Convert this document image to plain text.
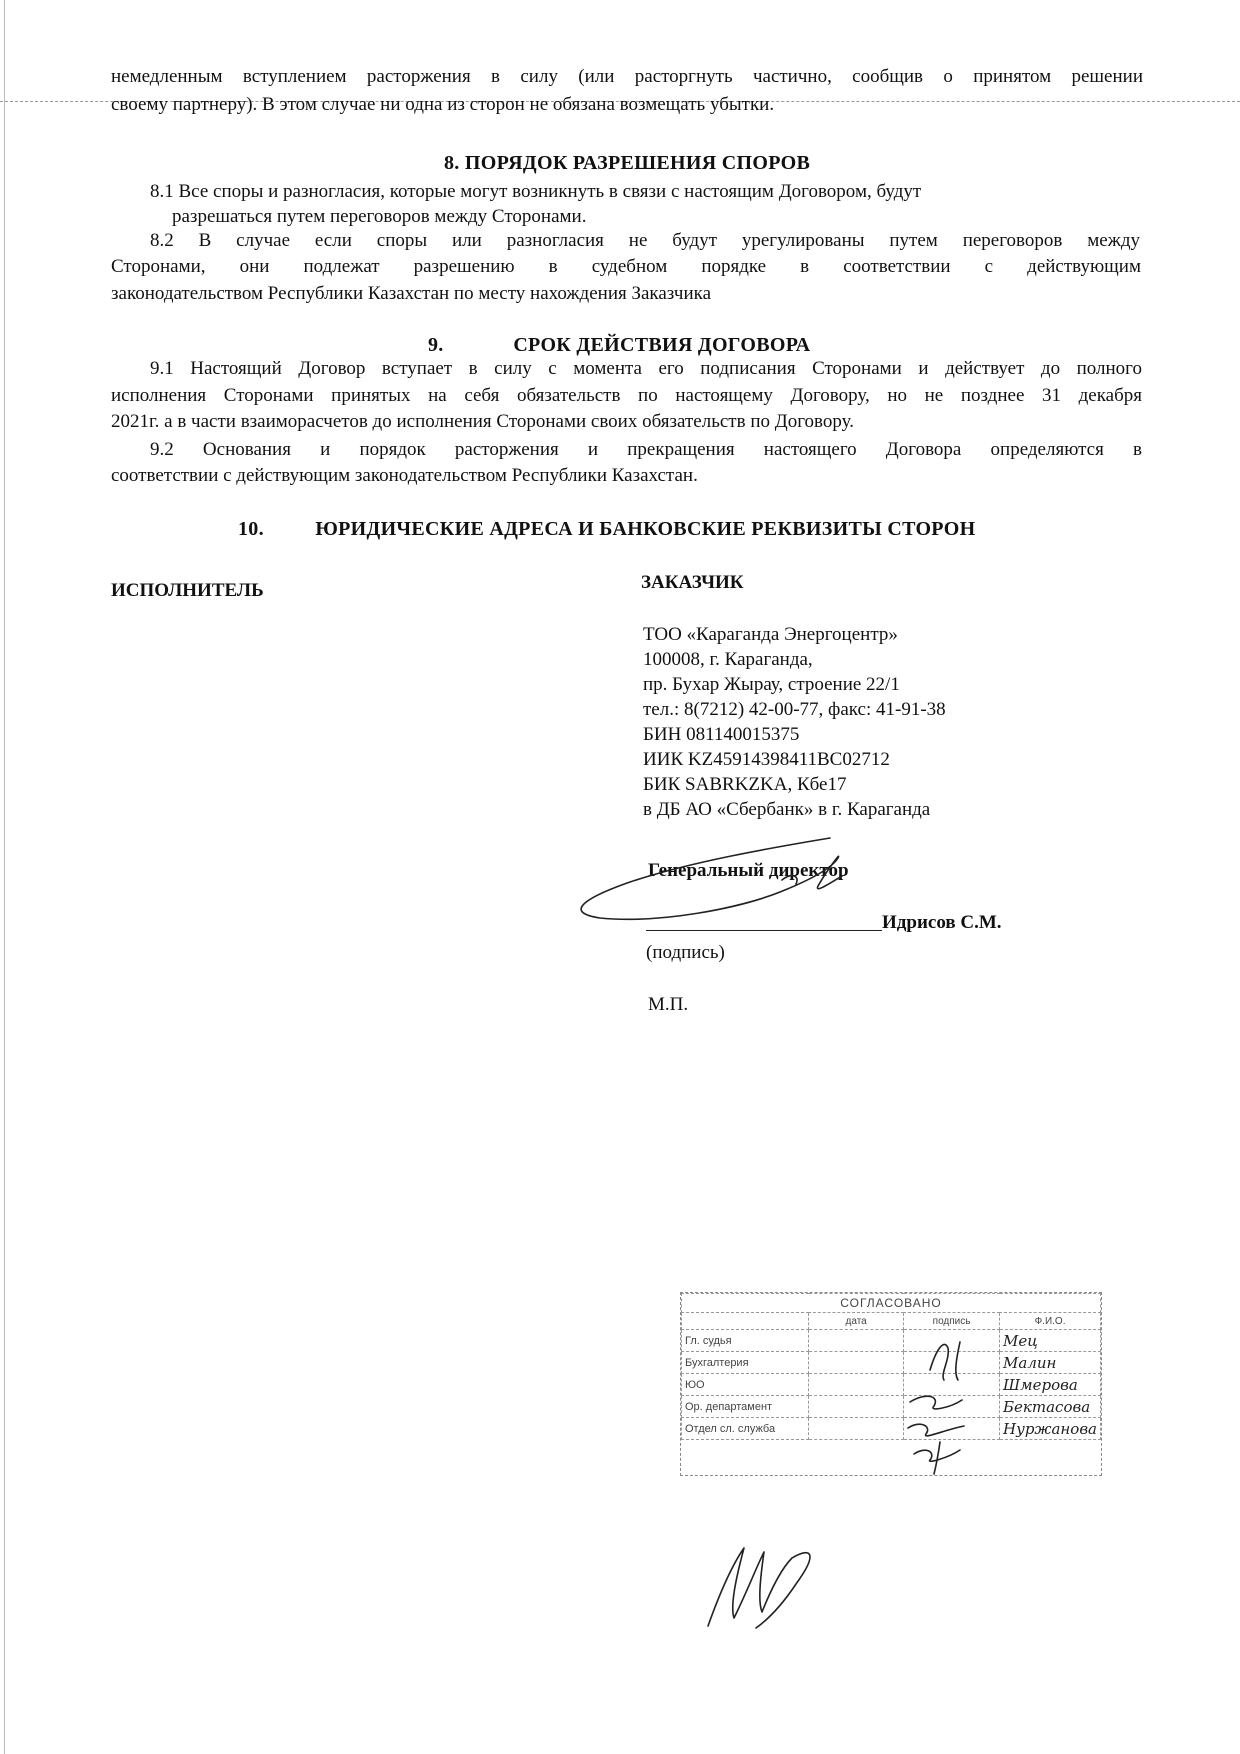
немедленным вступлением расторжения в силу (или расторгнуть частично, сообщив о принятом решении

своему партнеру). В этом случае ни одна из сторон не обязана возмещать убытки.

8. ПОРЯДОК РАЗРЕШЕНИЯ СПОРОВ

8.1 Все споры и разногласия, которые могут возникнуть в связи с настоящим Договором, будут

разрешаться путем переговоров между Сторонами.

8.2 В случае если споры или разногласия не будут урегулированы путем переговоров между

Сторонами, они подлежат разрешению в судебном порядке в соответствии с действующим

законодательством Республики Казахстан по месту нахождения Заказчика

9.	СРОК ДЕЙСТВИЯ ДОГОВОРА

9.1 Настоящий Договор вступает в силу с момента его подписания Сторонами и действует до полного

исполнения Сторонами принятых на себя обязательств по настоящему Договору, но не позднее 31 декабря

2021г. а в части взаиморасчетов до исполнения Сторонами своих обязательств по Договору.

9.2 Основания и порядок расторжения и прекращения настоящего Договора определяются в

соответствии с действующим законодательством Республики Казахстан.

10.	ЮРИДИЧЕСКИЕ АДРЕСА И БАНКОВСКИЕ РЕКВИЗИТЫ СТОРОН
ИСПОЛНИТЕЛЬ	ЗАКАЗЧИК
ТОО «Караганда Энергоцентр»
100008, г. Караганда,
пр. Бухар Жырау, строение 22/1
тел.: 8(7212) 42-00-77, факс: 41-91-38
БИН 081140015375
ИИК KZ45914398411BC02712
БИК SABRKZKA, Кбе17
в ДБ АО «Сбербанк» в г. Караганда
Генеральный директор
Идрисов С.М.
(подпись)
М.П.
СОГЛАСОВАНО			
	дата	подпись	Ф.И.О.
Гл. судья			Мец
Бухгалтерия			Малин
ЮО			Шмерова
Ор. департамент			Бектасова
Отдел сл. служба			Нуржанова
